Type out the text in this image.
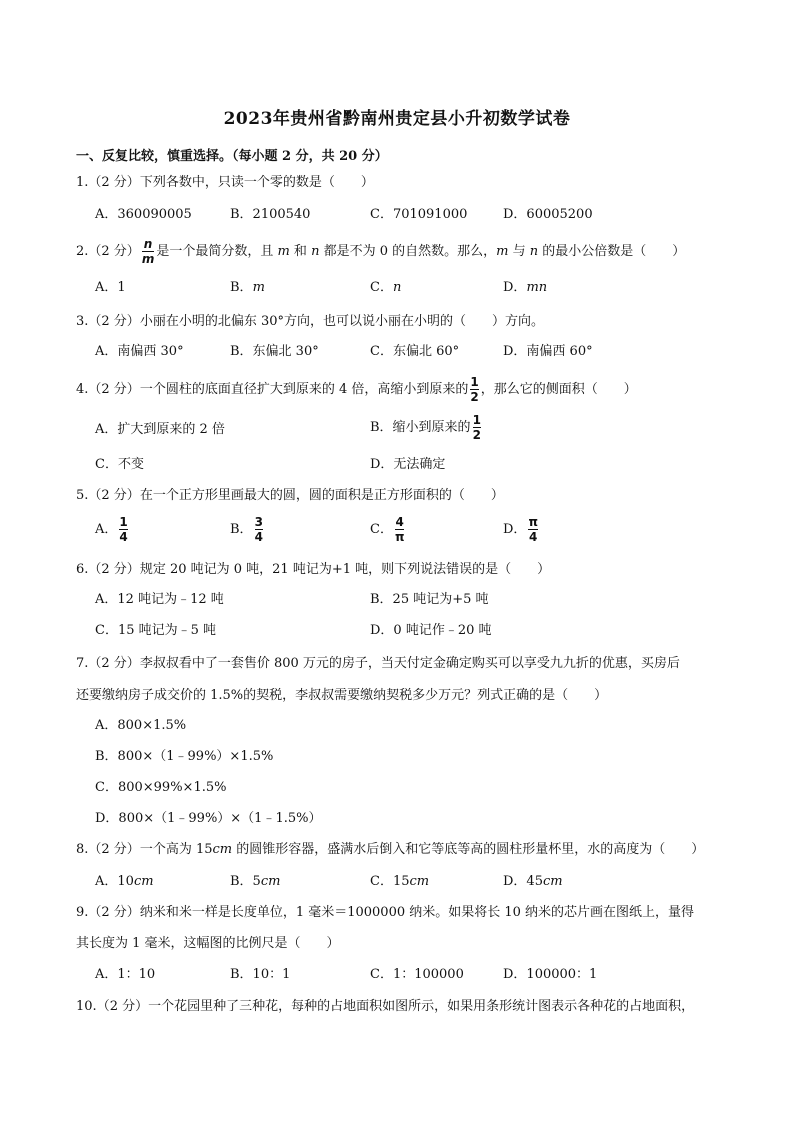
2023年贵州省黔南州贵定县小升初数学试卷
一、反复比较，慎重选择。（每小题 2 分，共 20 分）
1.（2 分）下列各数中，只读一个零的数是（　　）
A．360090005	B．2100540	C．701091000	D．60005200
2.（2 分） $\frac{n}{m}$ 是一个最简分数，且 m 和 n 都是不为 0 的自然数。那么，m 与 n 的最小公倍数是（　　）
A．1	B．m	C．n	D．mn
3.（2 分）小丽在小明的北偏东 30°方向，也可以说小丽在小明的（　　）方向。
A．南偏西 30°	B．东偏北 30°	C．东偏北 60°	D．南偏西 60°
4.（2 分）一个圆柱的底面直径扩大到原来的 4 倍，高缩小到原来的 $\frac{1}{2}$ ，那么它的侧面积（　　）
A．扩大到原来的 2 倍	B．缩小到原来的 $\frac{1}{2}$
C．不变	D．无法确定
5.（2 分）在一个正方形里画最大的圆，圆的面积是正方形面积的（　　）
A． $\frac{1}{4}$	B． $\frac{3}{4}$	C． $\frac{4}{\pi}$	D． $\frac{\pi}{4}$
6.（2 分）规定 20 吨记为 0 吨，21 吨记为+1 吨，则下列说法错误的是（　　）
A．12 吨记为﹣12 吨	B．25 吨记为+5 吨
C．15 吨记为﹣5 吨	D．0 吨记作﹣20 吨
7.（2 分）李叔叔看中了一套售价 800 万元的房子，当天付定金确定购买可以享受九九折的优惠，买房后
还要缴纳房子成交价的 1.5%的契税，李叔叔需要缴纳契税多少万元？列式正确的是（　　）
A．800×1.5%
B．800×（1﹣99%）×1.5%
C．800×99%×1.5%
D．800×（1﹣99%）×（1﹣1.5%）
8.（2 分）一个高为 15cm 的圆锥形容器，盛满水后倒入和它等底等高的圆柱形量杯里，水的高度为（　　）
A．10cm	B．5cm	C．15cm	D．45cm
9.（2 分）纳米和米一样是长度单位，1 毫米＝1000000 纳米。如果将长 10 纳米的芯片画在图纸上，量得
其长度为 1 毫米，这幅图的比例尺是（　　）
A．1：10	B．10：1	C．1：100000	D．100000：1
10.（2 分）一个花园里种了三种花，每种的占地面积如图所示，如果用条形统计图表示各种花的占地面积，
